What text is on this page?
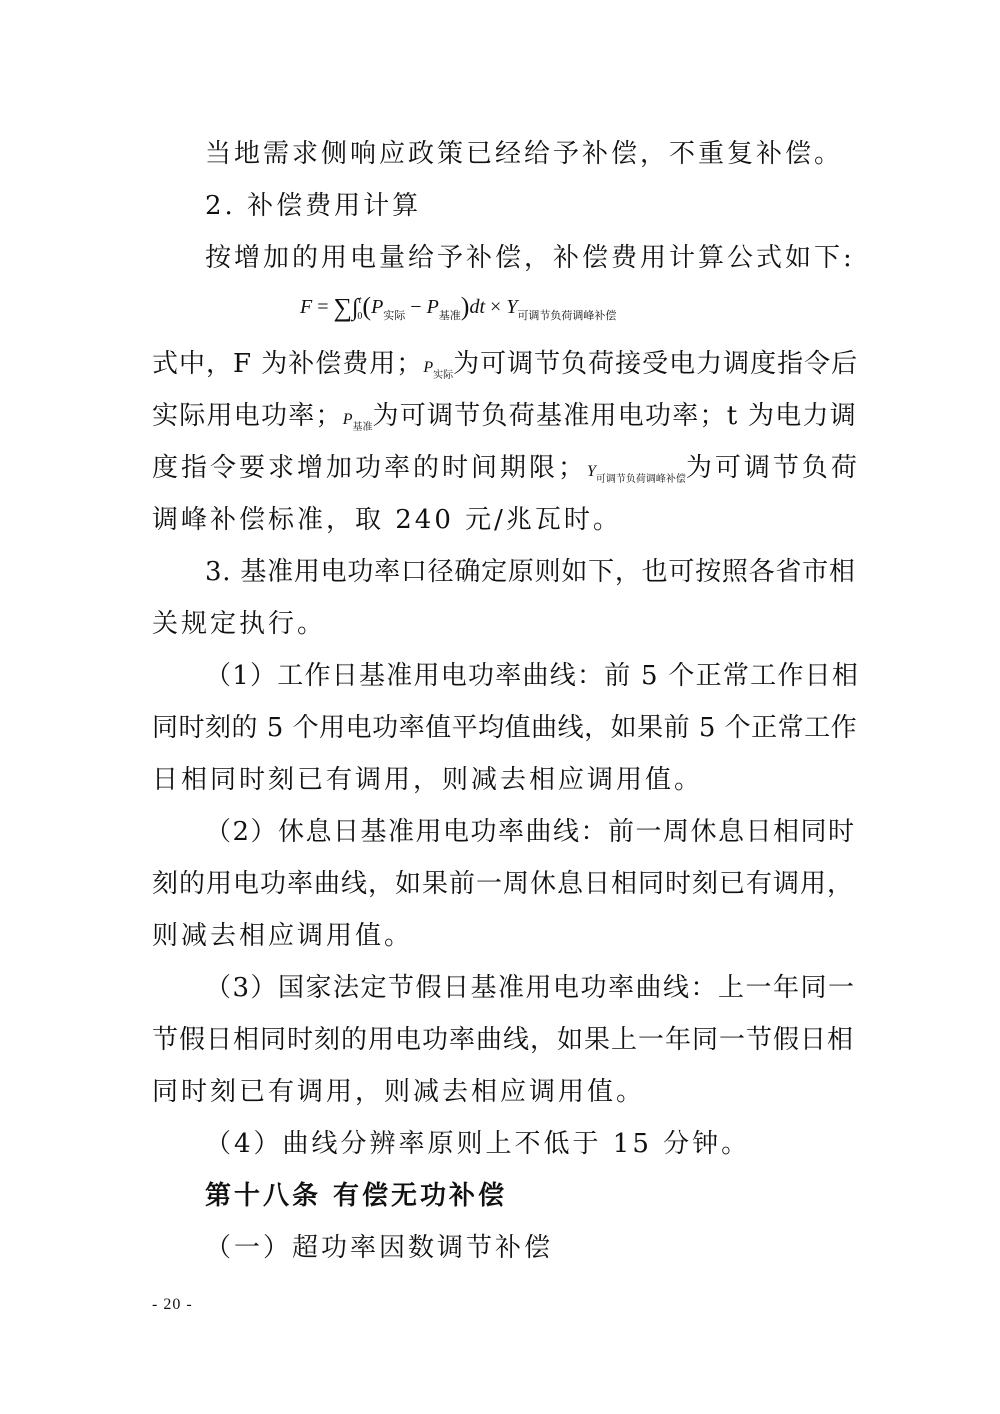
当地需求侧响应政策已经给予补偿，不重复补偿。
2. 补偿费用计算
按增加的用电量给予补偿，补偿费用计算公式如下:
$F = \sum\int^t_0(P_{实际} - P_{基准})dt \times Y_{可调节负荷调峰补偿}$
式中，F 为补偿费用；$P_{实际}$为可调节负荷接受电力调度指令后
实际用电功率；$P_{基准}$为可调节负荷基准用电功率；t 为电力调
度指令要求增加功率的时间期限；$Y_{可调节负荷调峰补偿}$为可调节负荷
调峰补偿标准，取 240 元/兆瓦时。
3. 基准用电功率口径确定原则如下，也可按照各省市相
关规定执行。
（1）工作日基准用电功率曲线：前 5 个正常工作日相
同时刻的 5 个用电功率值平均值曲线，如果前 5 个正常工作
日相同时刻已有调用，则减去相应调用值。
（2）休息日基准用电功率曲线：前一周休息日相同时
刻的用电功率曲线，如果前一周休息日相同时刻已有调用，
则减去相应调用值。
（3）国家法定节假日基准用电功率曲线：上一年同一
节假日相同时刻的用电功率曲线，如果上一年同一节假日相
同时刻已有调用，则减去相应调用值。
（4）曲线分辨率原则上不低于 15 分钟。
第十八条 有偿无功补偿
（一）超功率因数调节补偿
- 20 -
